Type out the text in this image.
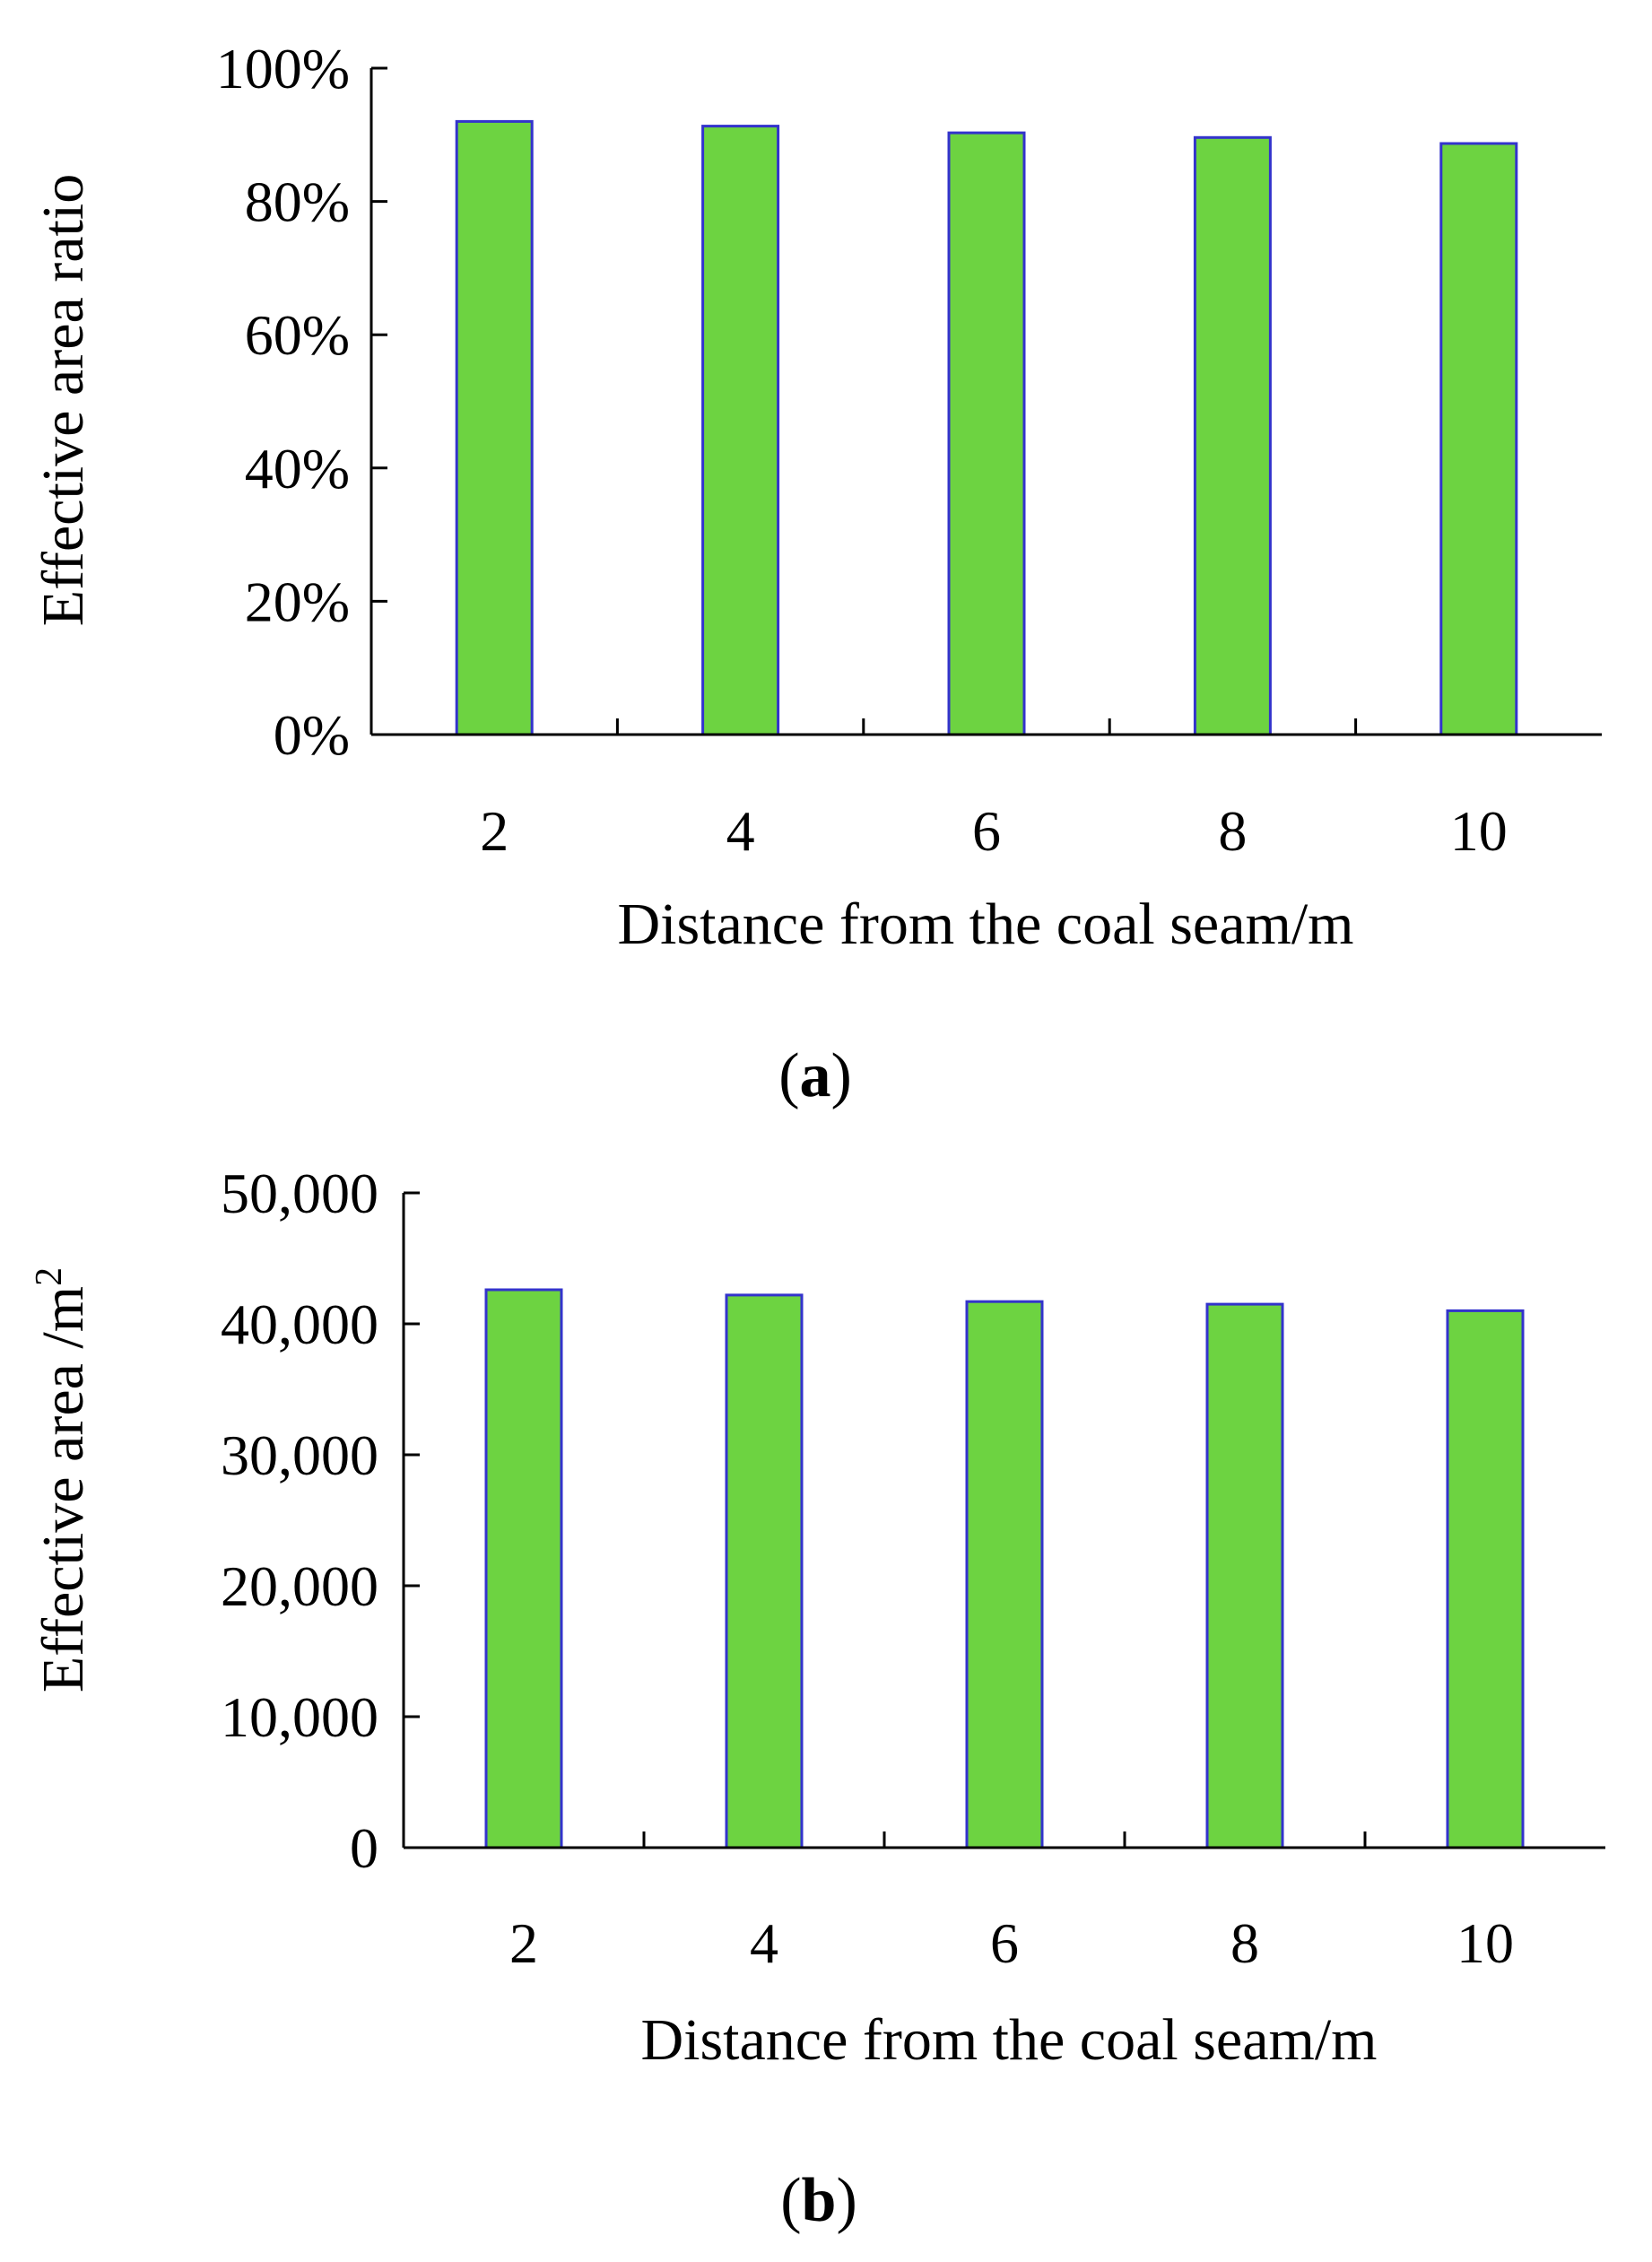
0%
20%
40%
60%
80%
100%
2	4	6	8	10
Effective area ratio
Distance from the coal seam/m
(a)
0
10,000
20,000
30,000
40,000
50,000
2	4	6	8	10
Effective area $/m^2$
Distance from the coal seam/m
(b)
